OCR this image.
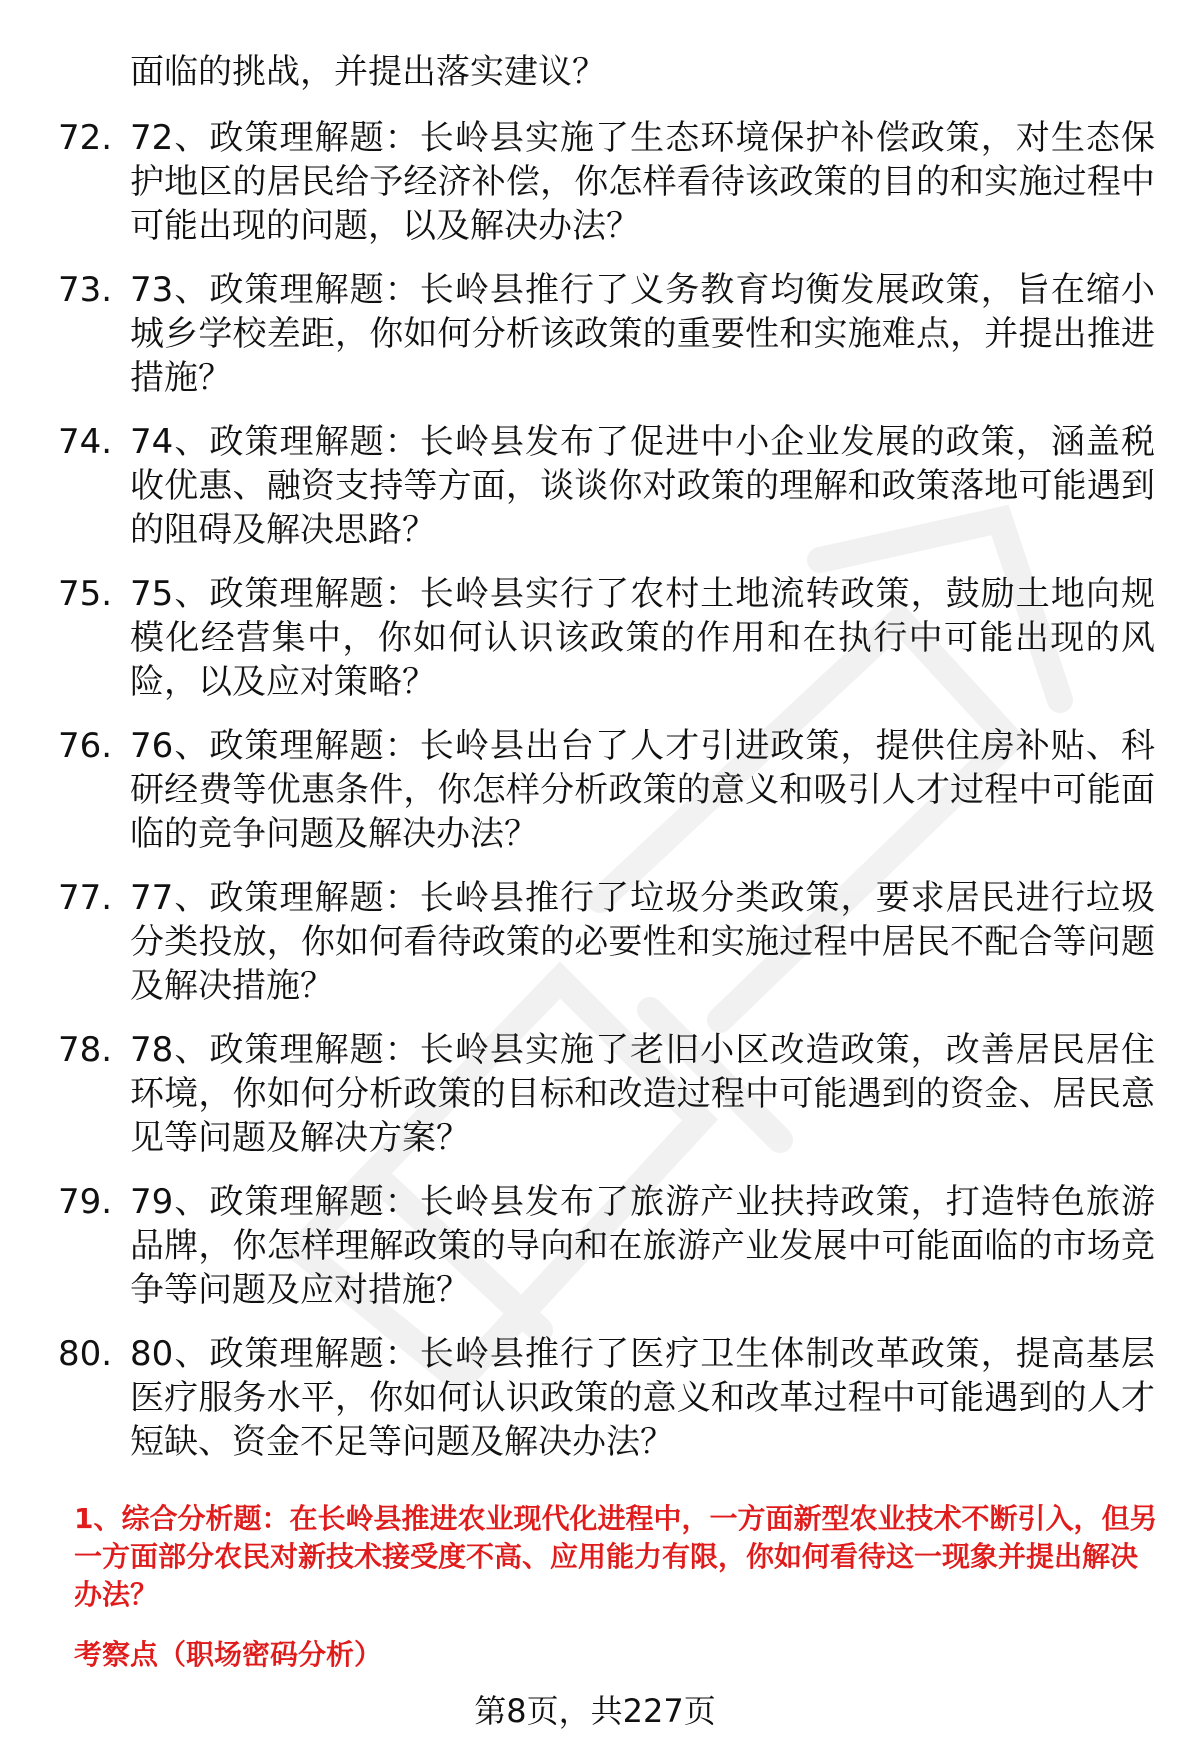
面临的挑战，并提出落实建议？
72. 72、政策理解题：长岭县实施了生态环境保护补偿政策，对生态保护地区的居民给予经济补偿，你怎样看待该政策的目的和实施过程中可能出现的问题，以及解决办法？
73. 73、政策理解题：长岭县推行了义务教育均衡发展政策，旨在缩小城乡学校差距，你如何分析该政策的重要性和实施难点，并提出推进措施？
74. 74、政策理解题：长岭县发布了促进中小企业发展的政策，涵盖税收优惠、融资支持等方面，谈谈你对政策的理解和政策落地可能遇到的阻碍及解决思路？
75. 75、政策理解题：长岭县实行了农村土地流转政策，鼓励土地向规模化经营集中，你如何认识该政策的作用和在执行中可能出现的风险，以及应对策略？
76. 76、政策理解题：长岭县出台了人才引进政策，提供住房补贴、科研经费等优惠条件，你怎样分析政策的意义和吸引人才过程中可能面临的竞争问题及解决办法？
77. 77、政策理解题：长岭县推行了垃圾分类政策，要求居民进行垃圾分类投放，你如何看待政策的必要性和实施过程中居民不配合等问题及解决措施？
78. 78、政策理解题：长岭县实施了老旧小区改造政策，改善居民居住环境，你如何分析政策的目标和改造过程中可能遇到的资金、居民意见等问题及解决方案？
79. 79、政策理解题：长岭县发布了旅游产业扶持政策，打造特色旅游品牌，你怎样理解政策的导向和在旅游产业发展中可能面临的市场竞争等问题及应对措施？
80. 80、政策理解题：长岭县推行了医疗卫生体制改革政策，提高基层医疗服务水平，你如何认识政策的意义和改革过程中可能遇到的人才短缺、资金不足等问题及解决办法？
1、综合分析题：在长岭县推进农业现代化进程中，一方面新型农业技术不断引入，但另一方面部分农民对新技术接受度不高、应用能力有限，你如何看待这一现象并提出解决办法？
考察点（职场密码分析）
第8页，共227页
